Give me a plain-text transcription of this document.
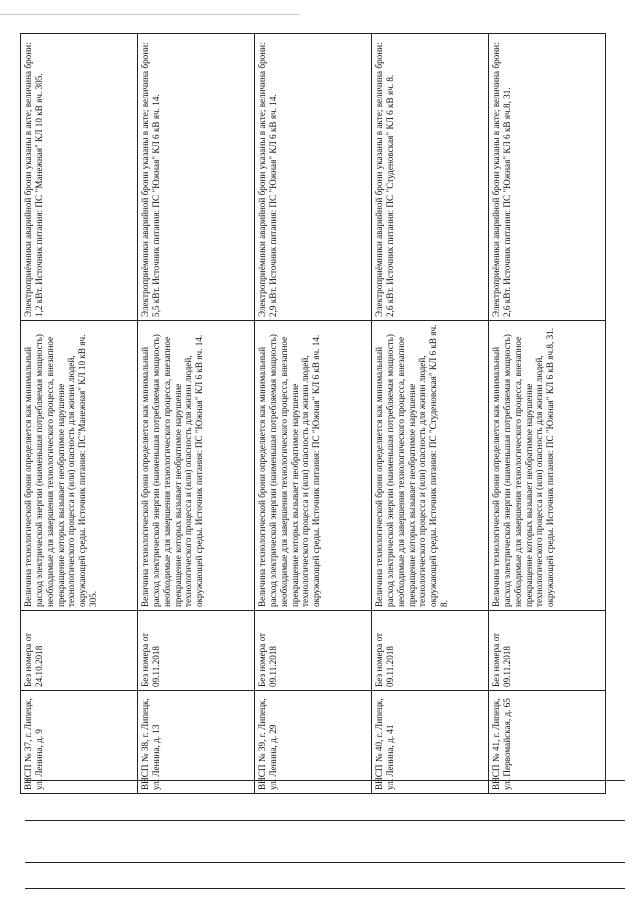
ВНСП № 37, г. Липецк, ул. Ленина, д. 9	Без номера от 24.10.2018	Величина технологической брони определяется как минимальный расход электрической энергии (наименьшая потребляемая мощность) необходимые для завершения технологического процесса, внезапное прекращение которых вызывает необратимое нарушение технологического процесса и (или) опасность для жизни людей, окружающей среды. Источник питания: ПС"Манежная" КЛ 10 кВ яч. 305.	Электроприёмники аварийной брони указаны в акте; величина брони: 1,2 кВт. Источник питания: ПС "Манежная" КЛ 10 кВ яч. 305.
ВНСП № 38, г. Липецк, ул. Ленина, д. 13	Без номера от 09.11.2018	Величина технологической брони определяется как минимальный расход электрической энергии (наименьшая потребляемая мощность) необходимые для завершения технологического процесса, внезапное прекращение которых вызывает необратимое нарушение технологического процесса и (или) опасность для жизни людей, окружающей среды. Источник питания: ПС "Южная" КЛ 6 кВ яч. 14.	Электроприёмники аварийной брони указаны в акте; величина брони: 5,5 кВт. Источник питания: ПС "Южная" КЛ 6 кВ яч. 14.
ВНСП № 39, г. Липецк, ул. Ленина, д. 29	Без номера от 09.11.2018	Величина технологической брони определяется как минимальный расход электрической энергии (наименьшая потребляемая мощность) необходимые для завершения технологического процесса, внезапное прекращение которых вызывает необратимое нарушение технологического процесса и (или) опасность для жизни людей, окружающей среды. Источник питания: ПС "Южная" КЛ 6 кВ яч. 14.	Электроприёмники аварийной брони указаны в акте; величина брони: 2,9 кВт. Источник питания: ПС "Южная" КЛ 6 кВ яч. 14.
ВНСП № 40, г. Липецк, ул. Ленина, д. 41	Без номера от 09.11.2018	Величина технологической брони определяется как минимальный расход электрической энергии (наименьшая потребляемая мощность) необходимые для завершения технологического процесса, внезапное прекращение которых вызывает необратимое нарушение технологического процесса и (или) опасность для жизни людей, окружающей среды. Источник питания: ПС "Студеновская" КЛ 6 кВ яч. 8.	Электроприёмники аварийной брони указаны в акте; величина брони: 2,6 кВт. Источник питания: ПС "Студеновская" КЛ 6 кВ яч. 8.
ВНСП № 41, г. Липецк, ул. Первомайская, д. 65	Без номера от 09.11.2018	Величина технологической брони определяется как минимальный расход электрической энергии (наименьшая потребляемая мощность) необходимые для завершения технологического процесса, внезапное прекращение которых вызывает необратимое нарушение технологического процесса и (или) опасность для жизни людей, окружающей среды. Источник питания: ПС "Южная" КЛ 6 кВ яч.8, 31.	Электроприёмники аварийной брони указаны в акте; величина брони: 2,6 кВт. Источник питания: ПС "Южная" КЛ 6 кВ яч.8, 31.
